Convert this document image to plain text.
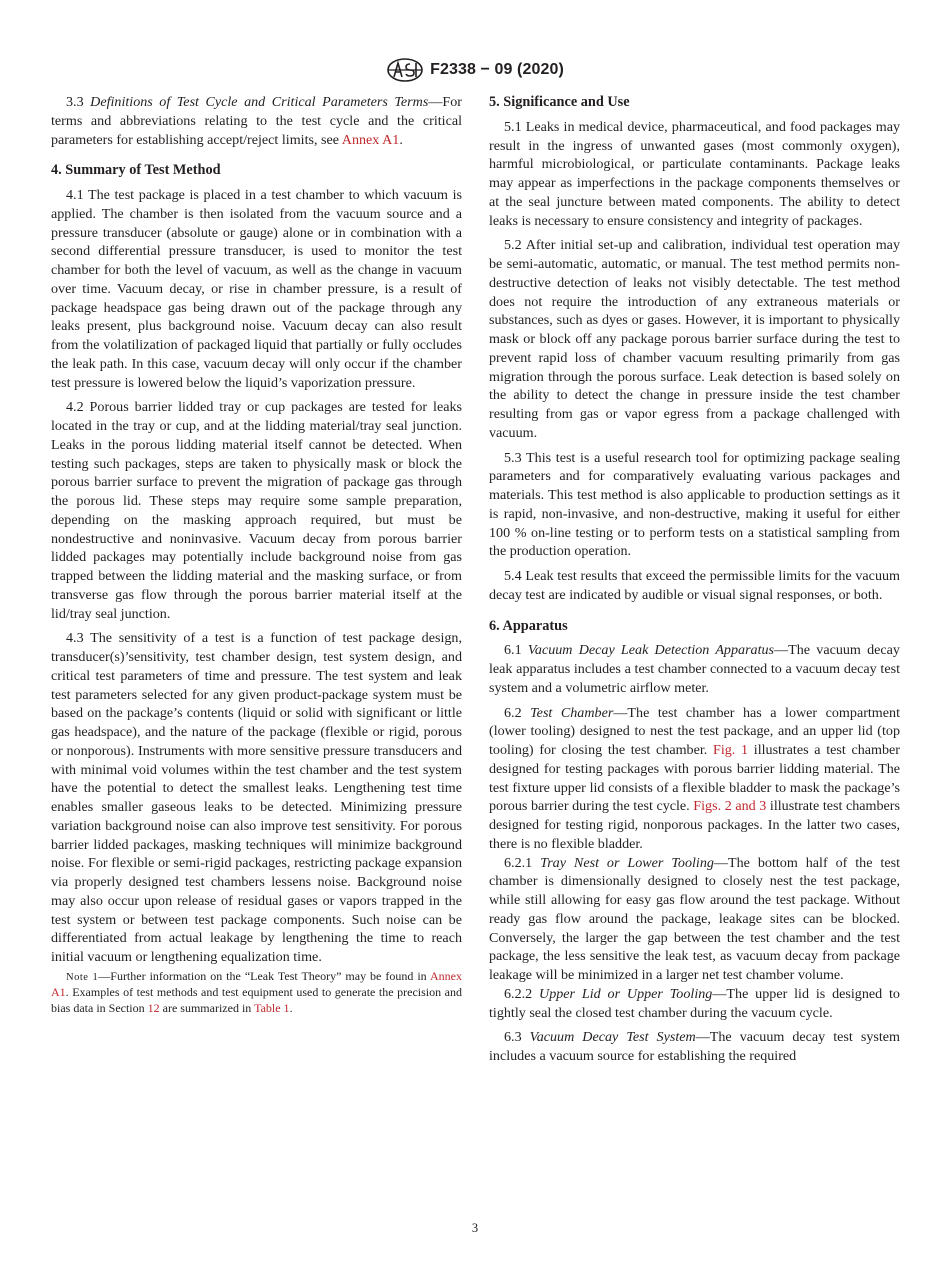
F2338 − 09 (2020)

3.3 Definitions of Test Cycle and Critical Parameters Terms—For terms and abbreviations relating to the test cycle and the critical parameters for establishing accept/reject limits, see Annex A1.

4. Summary of Test Method

4.1 The test package is placed in a test chamber to which vacuum is applied. The chamber is then isolated from the vacuum source and a pressure transducer (absolute or gauge) alone or in combination with a second differential pressure transducer, is used to monitor the test chamber for both the level of vacuum, as well as the change in vacuum over time. Vacuum decay, or rise in chamber pressure, is a result of package headspace gas being drawn out of the package through any leaks present, plus background noise. Vacuum decay can also result from the volatilization of packaged liquid that partially or fully occludes the leak path. In this case, vacuum decay will only occur if the chamber test pressure is lowered below the liquid’s vaporization pressure.

4.2 Porous barrier lidded tray or cup packages are tested for leaks located in the tray or cup, and at the lidding material/tray seal junction. Leaks in the porous lidding material itself cannot be detected. When testing such packages, steps are taken to physically mask or block the porous barrier surface to prevent the migration of package gas through the porous lid. These steps may require some sample preparation, depending on the masking approach required, but must be nondestructive and noninvasive. Vacuum decay from porous barrier lidded packages may potentially include background noise from gas trapped between the lidding material and the masking surface, or from transverse gas flow through the porous barrier material itself at the lid/tray seal junction.

4.3 The sensitivity of a test is a function of test package design, transducer(s)’sensitivity, test chamber design, test system design, and critical test parameters of time and pressure. The test system and leak test parameters selected for any given product-package system must be based on the package’s contents (liquid or solid with significant or little gas headspace), and the nature of the package (flexible or rigid, porous or nonporous). Instruments with more sensitive pressure transducers and with minimal void volumes within the test chamber and the test system have the potential to detect the smallest leaks. Lengthening test time enables smaller gaseous leaks to be detected. Minimizing pressure variation background noise can also improve test sensitivity. For porous barrier lidded packages, masking techniques will minimize background noise. For flexible or semi-rigid packages, restricting package expansion via properly designed test chambers lessens noise. Background noise may also occur upon release of residual gases or vapors trapped in the test system or between test package components. Such noise can be differentiated from actual leakage by lengthening the time to reach initial vacuum or lengthening equalization time.

Note 1—Further information on the “Leak Test Theory” may be found in Annex A1. Examples of test methods and test equipment used to generate the precision and bias data in Section 12 are summarized in Table 1.

5. Significance and Use

5.1 Leaks in medical device, pharmaceutical, and food packages may result in the ingress of unwanted gases (most commonly oxygen), harmful microbiological, or particulate contaminants. Package leaks may appear as imperfections in the package components themselves or at the seal juncture between mated components. The ability to detect leaks is necessary to ensure consistency and integrity of packages.

5.2 After initial set-up and calibration, individual test operation may be semi-automatic, automatic, or manual. The test method permits non-destructive detection of leaks not visibly detectable. The test method does not require the introduction of any extraneous materials or substances, such as dyes or gases. However, it is important to physically mask or block off any package porous barrier surface during the test to prevent rapid loss of chamber vacuum resulting primarily from gas migration through the porous surface. Leak detection is based solely on the ability to detect the change in pressure inside the test chamber resulting from gas or vapor egress from a package challenged with vacuum.

5.3 This test is a useful research tool for optimizing package sealing parameters and for comparatively evaluating various packages and materials. This test method is also applicable to production settings as it is rapid, non-invasive, and non-destructive, making it useful for either 100 % on-line testing or to perform tests on a statistical sampling from the production operation.

5.4 Leak test results that exceed the permissible limits for the vacuum decay test are indicated by audible or visual signal responses, or both.

6. Apparatus

6.1 Vacuum Decay Leak Detection Apparatus—The vacuum decay leak apparatus includes a test chamber connected to a vacuum decay test system and a volumetric airflow meter.

6.2 Test Chamber—The test chamber has a lower compartment (lower tooling) designed to nest the test package, and an upper lid (top tooling) for closing the test chamber. Fig. 1 illustrates a test chamber designed for testing packages with porous barrier lidding material. The test fixture upper lid consists of a flexible bladder to mask the package’s porous barrier during the test cycle. Figs. 2 and 3 illustrate test chambers designed for testing rigid, nonporous packages. In the latter two cases, there is no flexible bladder.

6.2.1 Tray Nest or Lower Tooling—The bottom half of the test chamber is dimensionally designed to closely nest the test package, while still allowing for easy gas flow around the test package. Without ready gas flow around the package, leakage sites can be blocked. Conversely, the larger the gap between the test chamber and the test package, the less sensitive the leak test, as vacuum decay from package leakage will be minimized in a larger net test chamber volume.

6.2.2 Upper Lid or Upper Tooling—The upper lid is designed to tightly seal the closed test chamber during the vacuum cycle.

6.3 Vacuum Decay Test System—The vacuum decay test system includes a vacuum source for establishing the required

3
